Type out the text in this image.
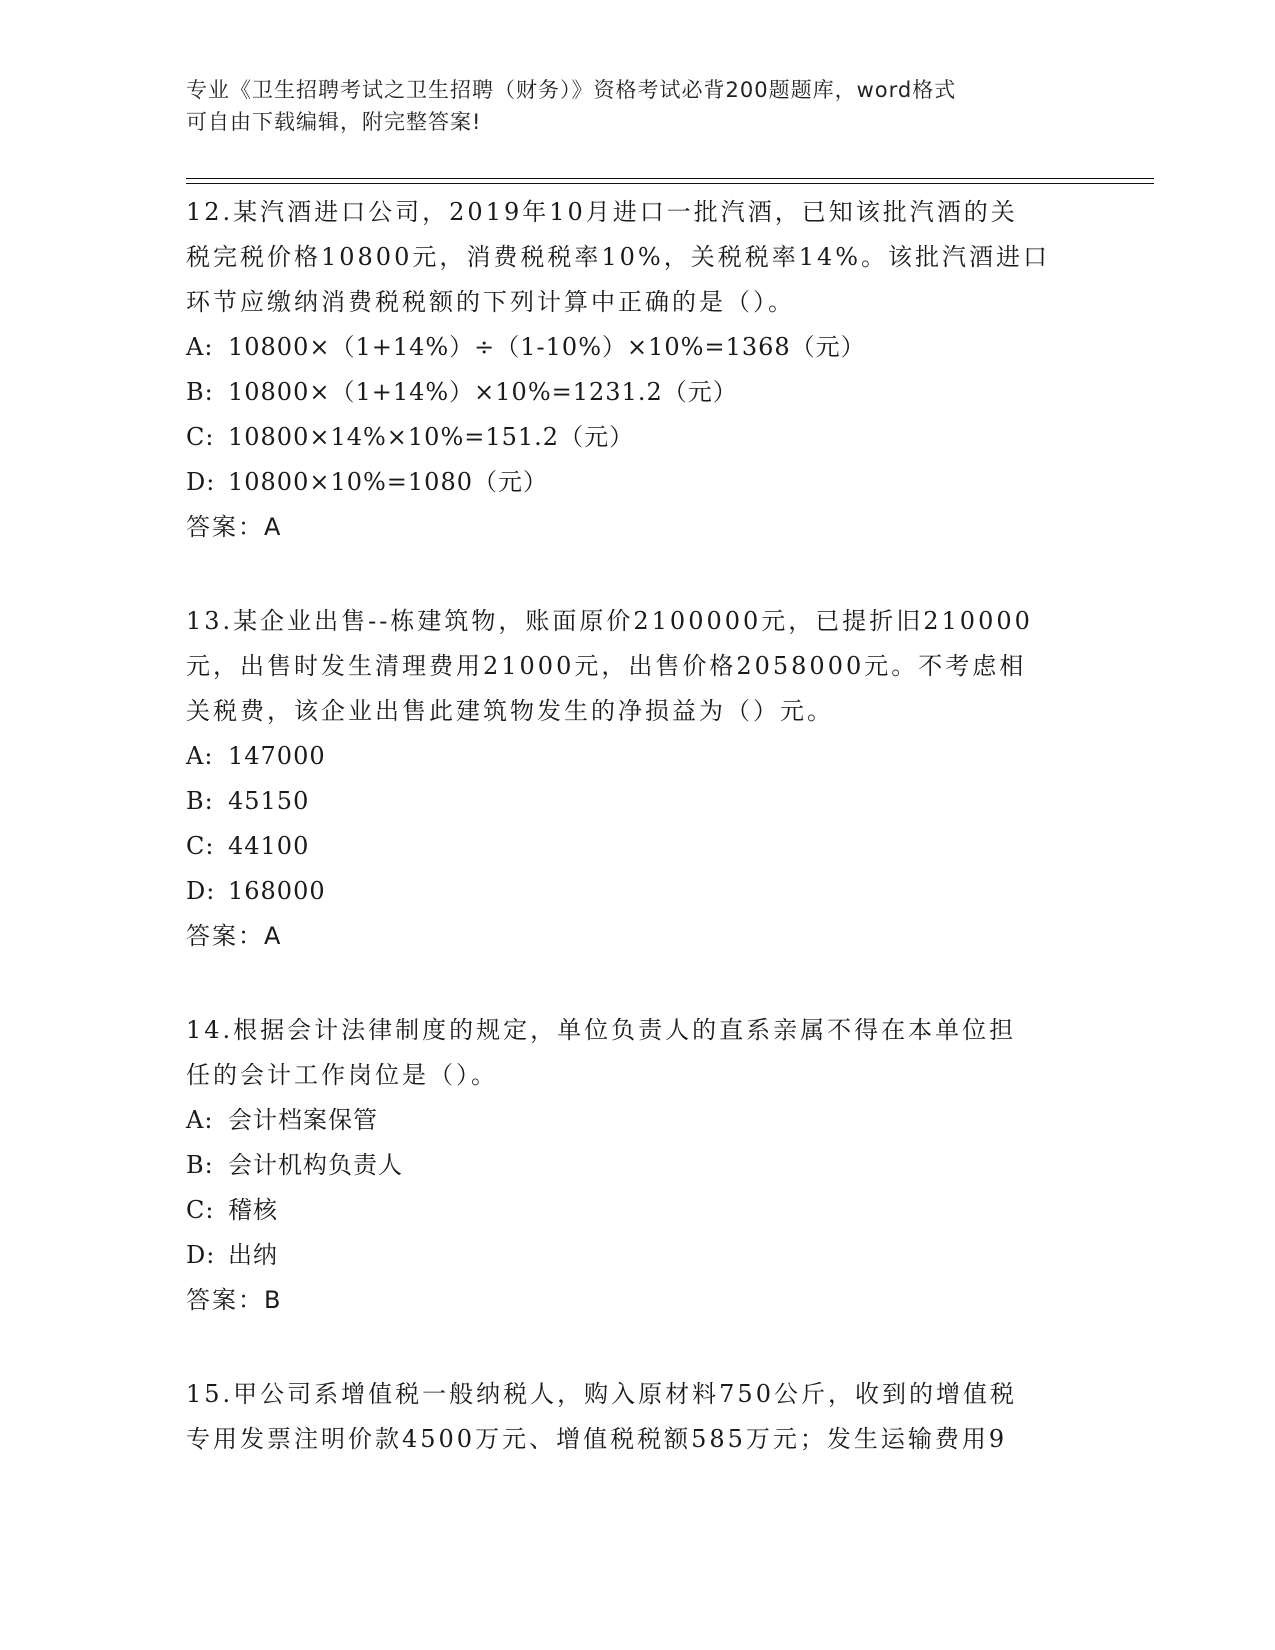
专业《卫生招聘考试之卫生招聘（财务）》资格考试必背200题题库，word格式
可自由下载编辑，附完整答案!

12.某汽酒进口公司，2019年10月进口一批汽酒，已知该批汽酒的关

税完税价格10800元，消费税税率10%，关税税率14%。该批汽酒进口

环节应缴纳消费税税额的下列计算中正确的是（）。

A: 10800×（1+14%）÷（1-10%）×10%=1368（元）

B: 10800×（1+14%）×10%=1231.2（元）

C: 10800×14%×10%=151.2（元）

D: 10800×10%=1080（元）

答案：A

13.某企业出售--栋建筑物，账面原价2100000元，已提折旧210000

元，出售时发生清理费用21000元，出售价格2058000元。不考虑相

关税费，该企业出售此建筑物发生的净损益为（）元。

A: 147000

B: 45150

C: 44100

D: 168000

答案：A

14.根据会计法律制度的规定，单位负责人的直系亲属不得在本单位担

任的会计工作岗位是（）。

A: 会计档案保管

B: 会计机构负责人

C: 稽核

D: 出纳

答案：B

15.甲公司系增值税一般纳税人，购入原材料750公斤，收到的增值税

专用发票注明价款4500万元、增值税税额585万元；发生运输费用9
